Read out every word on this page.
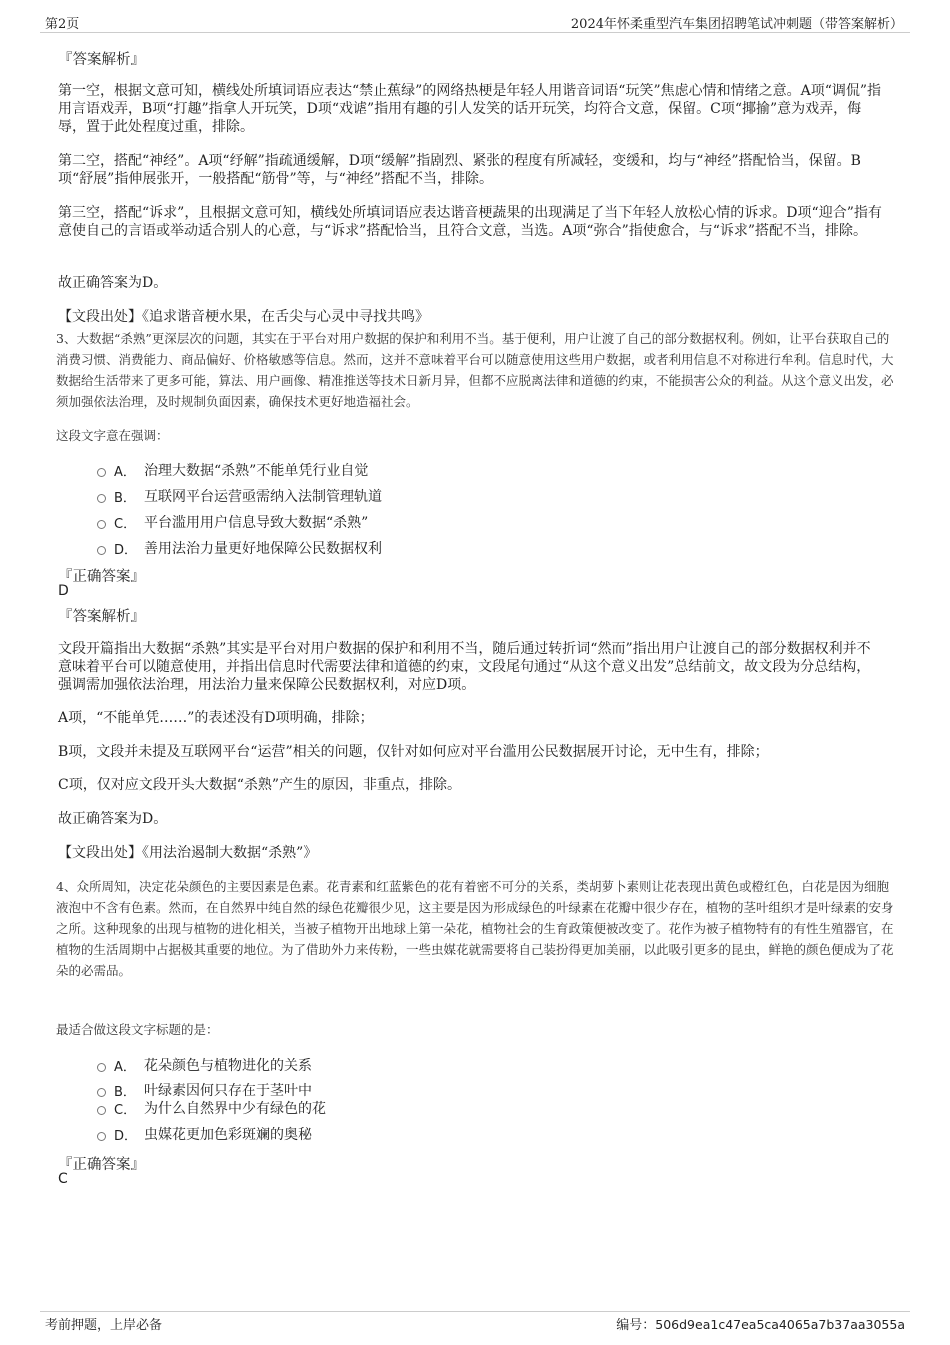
第2页	2024年怀柔重型汽车集团招聘笔试冲刺题（带答案解析）
『答案解析』
第一空，根据文意可知，横线处所填词语应表达“禁止蕉绿”的网络热梗是年轻人用谐音词语“玩笑”焦虑心情和情绪之意。A项“调侃”指用言语戏弄，B项“打趣”指拿人开玩笑，D项“戏谑”指用有趣的引人发笑的话开玩笑，均符合文意，保留。C项“揶揄”意为戏弄，侮辱，置于此处程度过重，排除。
第二空，搭配“神经”。A项“纾解”指疏通缓解，D项“缓解”指剧烈、紧张的程度有所减轻，变缓和，均与“神经”搭配恰当，保留。B项“舒展”指伸展张开，一般搭配“筋骨”等，与“神经”搭配不当，排除。
第三空，搭配“诉求”，且根据文意可知，横线处所填词语应表达谐音梗蔬果的出现满足了当下年轻人放松心情的诉求。D项“迎合”指有意使自己的言语或举动适合别人的心意，与“诉求”搭配恰当，且符合文意，当选。A项“弥合”指使愈合，与“诉求”搭配不当，排除。
故正确答案为D。
【文段出处】《追求谐音梗水果，在舌尖与心灵中寻找共鸣》
3、大数据“杀熟”更深层次的问题，其实在于平台对用户数据的保护和利用不当。基于便利，用户让渡了自己的部分数据权利。例如，让平台获取自己的消费习惯、消费能力、商品偏好、价格敏感等信息。然而，这并不意味着平台可以随意使用这些用户数据，或者利用信息不对称进行牟利。信息时代，大数据给生活带来了更多可能，算法、用户画像、精准推送等技术日新月异，但都不应脱离法律和道德的约束，不能损害公众的利益。从这个意义出发，必须加强依法治理，及时规制负面因素，确保技术更好地造福社会。
这段文字意在强调：
A． 治理大数据“杀熟”不能单凭行业自觉
B． 互联网平台运营亟需纳入法制管理轨道
C． 平台滥用用户信息导致大数据“杀熟”
D． 善用法治力量更好地保障公民数据权利
『正确答案』
D
『答案解析』
文段开篇指出大数据“杀熟”其实是平台对用户数据的保护和利用不当，随后通过转折词“然而”指出用户让渡自己的部分数据权利并不意味着平台可以随意使用，并指出信息时代需要法律和道德的约束，文段尾句通过“从这个意义出发”总结前文，故文段为分总结构，强调需加强依法治理，用法治力量来保障公民数据权利，对应D项。
A项，“不能单凭……”的表述没有D项明确，排除；
B项，文段并未提及互联网平台“运营”相关的问题，仅针对如何应对平台滥用公民数据展开讨论，无中生有，排除；
C项，仅对应文段开头大数据“杀熟”产生的原因，非重点，排除。
故正确答案为D。
【文段出处】《用法治遏制大数据“杀熟”》
4、众所周知，决定花朵颜色的主要因素是色素。花青素和红蓝紫色的花有着密不可分的关系，类胡萝卜素则让花表现出黄色或橙红色，白花是因为细胞液泡中不含有色素。然而，在自然界中纯自然的绿色花瓣很少见，这主要是因为形成绿色的叶绿素在花瓣中很少存在，植物的茎叶组织才是叶绿素的安身之所。这种现象的出现与植物的进化相关，当被子植物开出地球上第一朵花，植物社会的生育政策便被改变了。花作为被子植物特有的有性生殖器官，在植物的生活周期中占据极其重要的地位。为了借助外力来传粉，一些虫媒花就需要将自己装扮得更加美丽，以此吸引更多的昆虫，鲜艳的颜色便成为了花朵的必需品。
最适合做这段文字标题的是：
A． 花朵颜色与植物进化的关系
B． 叶绿素因何只存在于茎叶中
C． 为什么自然界中少有绿色的花
D． 虫媒花更加色彩斑斓的奥秘
『正确答案』
C
考前押题，上岸必备	编号：506d9ea1c47ea5ca4065a7b37aa3055a
